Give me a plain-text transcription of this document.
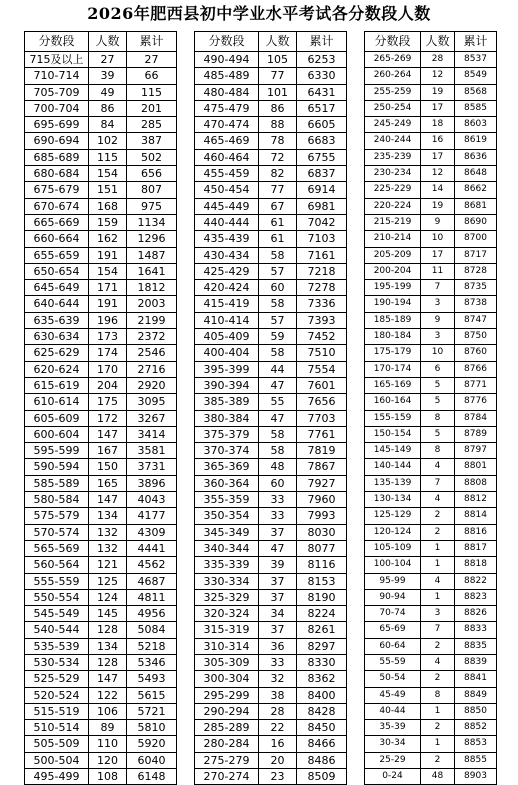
2026年肥西县初中学业水平考试各分数段人数
分数段	人数	累计
715及以上	27	27
710-714	39	66
705-709	49	115
700-704	86	201
695-699	84	285
690-694	102	387
685-689	115	502
680-684	154	656
675-679	151	807
670-674	168	975
665-669	159	1134
660-664	162	1296
655-659	191	1487
650-654	154	1641
645-649	171	1812
640-644	191	2003
635-639	196	2199
630-634	173	2372
625-629	174	2546
620-624	170	2716
615-619	204	2920
610-614	175	3095
605-609	172	3267
600-604	147	3414
595-599	167	3581
590-594	150	3731
585-589	165	3896
580-584	147	4043
575-579	134	4177
570-574	132	4309
565-569	132	4441
560-564	121	4562
555-559	125	4687
550-554	124	4811
545-549	145	4956
540-544	128	5084
535-539	134	5218
530-534	128	5346
525-529	147	5493
520-524	122	5615
515-519	106	5721
510-514	89	5810
505-509	110	5920
500-504	120	6040
495-499	108	6148
分数段	人数	累计
490-494	105	6253
485-489	77	6330
480-484	101	6431
475-479	86	6517
470-474	88	6605
465-469	78	6683
460-464	72	6755
455-459	82	6837
450-454	77	6914
445-449	67	6981
440-444	61	7042
435-439	61	7103
430-434	58	7161
425-429	57	7218
420-424	60	7278
415-419	58	7336
410-414	57	7393
405-409	59	7452
400-404	58	7510
395-399	44	7554
390-394	47	7601
385-389	55	7656
380-384	47	7703
375-379	58	7761
370-374	58	7819
365-369	48	7867
360-364	60	7927
355-359	33	7960
350-354	33	7993
345-349	37	8030
340-344	47	8077
335-339	39	8116
330-334	37	8153
325-329	37	8190
320-324	34	8224
315-319	37	8261
310-314	36	8297
305-309	33	8330
300-304	32	8362
295-299	38	8400
290-294	28	8428
285-289	22	8450
280-284	16	8466
275-279	20	8486
270-274	23	8509
分数段	人数	累计
265-269	28	8537
260-264	12	8549
255-259	19	8568
250-254	17	8585
245-249	18	8603
240-244	16	8619
235-239	17	8636
230-234	12	8648
225-229	14	8662
220-224	19	8681
215-219	9	8690
210-214	10	8700
205-209	17	8717
200-204	11	8728
195-199	7	8735
190-194	3	8738
185-189	9	8747
180-184	3	8750
175-179	10	8760
170-174	6	8766
165-169	5	8771
160-164	5	8776
155-159	8	8784
150-154	5	8789
145-149	8	8797
140-144	4	8801
135-139	7	8808
130-134	4	8812
125-129	2	8814
120-124	2	8816
105-109	1	8817
100-104	1	8818
95-99	4	8822
90-94	1	8823
70-74	3	8826
65-69	7	8833
60-64	2	8835
55-59	4	8839
50-54	2	8841
45-49	8	8849
40-44	1	8850
35-39	2	8852
30-34	1	8853
25-29	2	8855
0-24	48	8903
